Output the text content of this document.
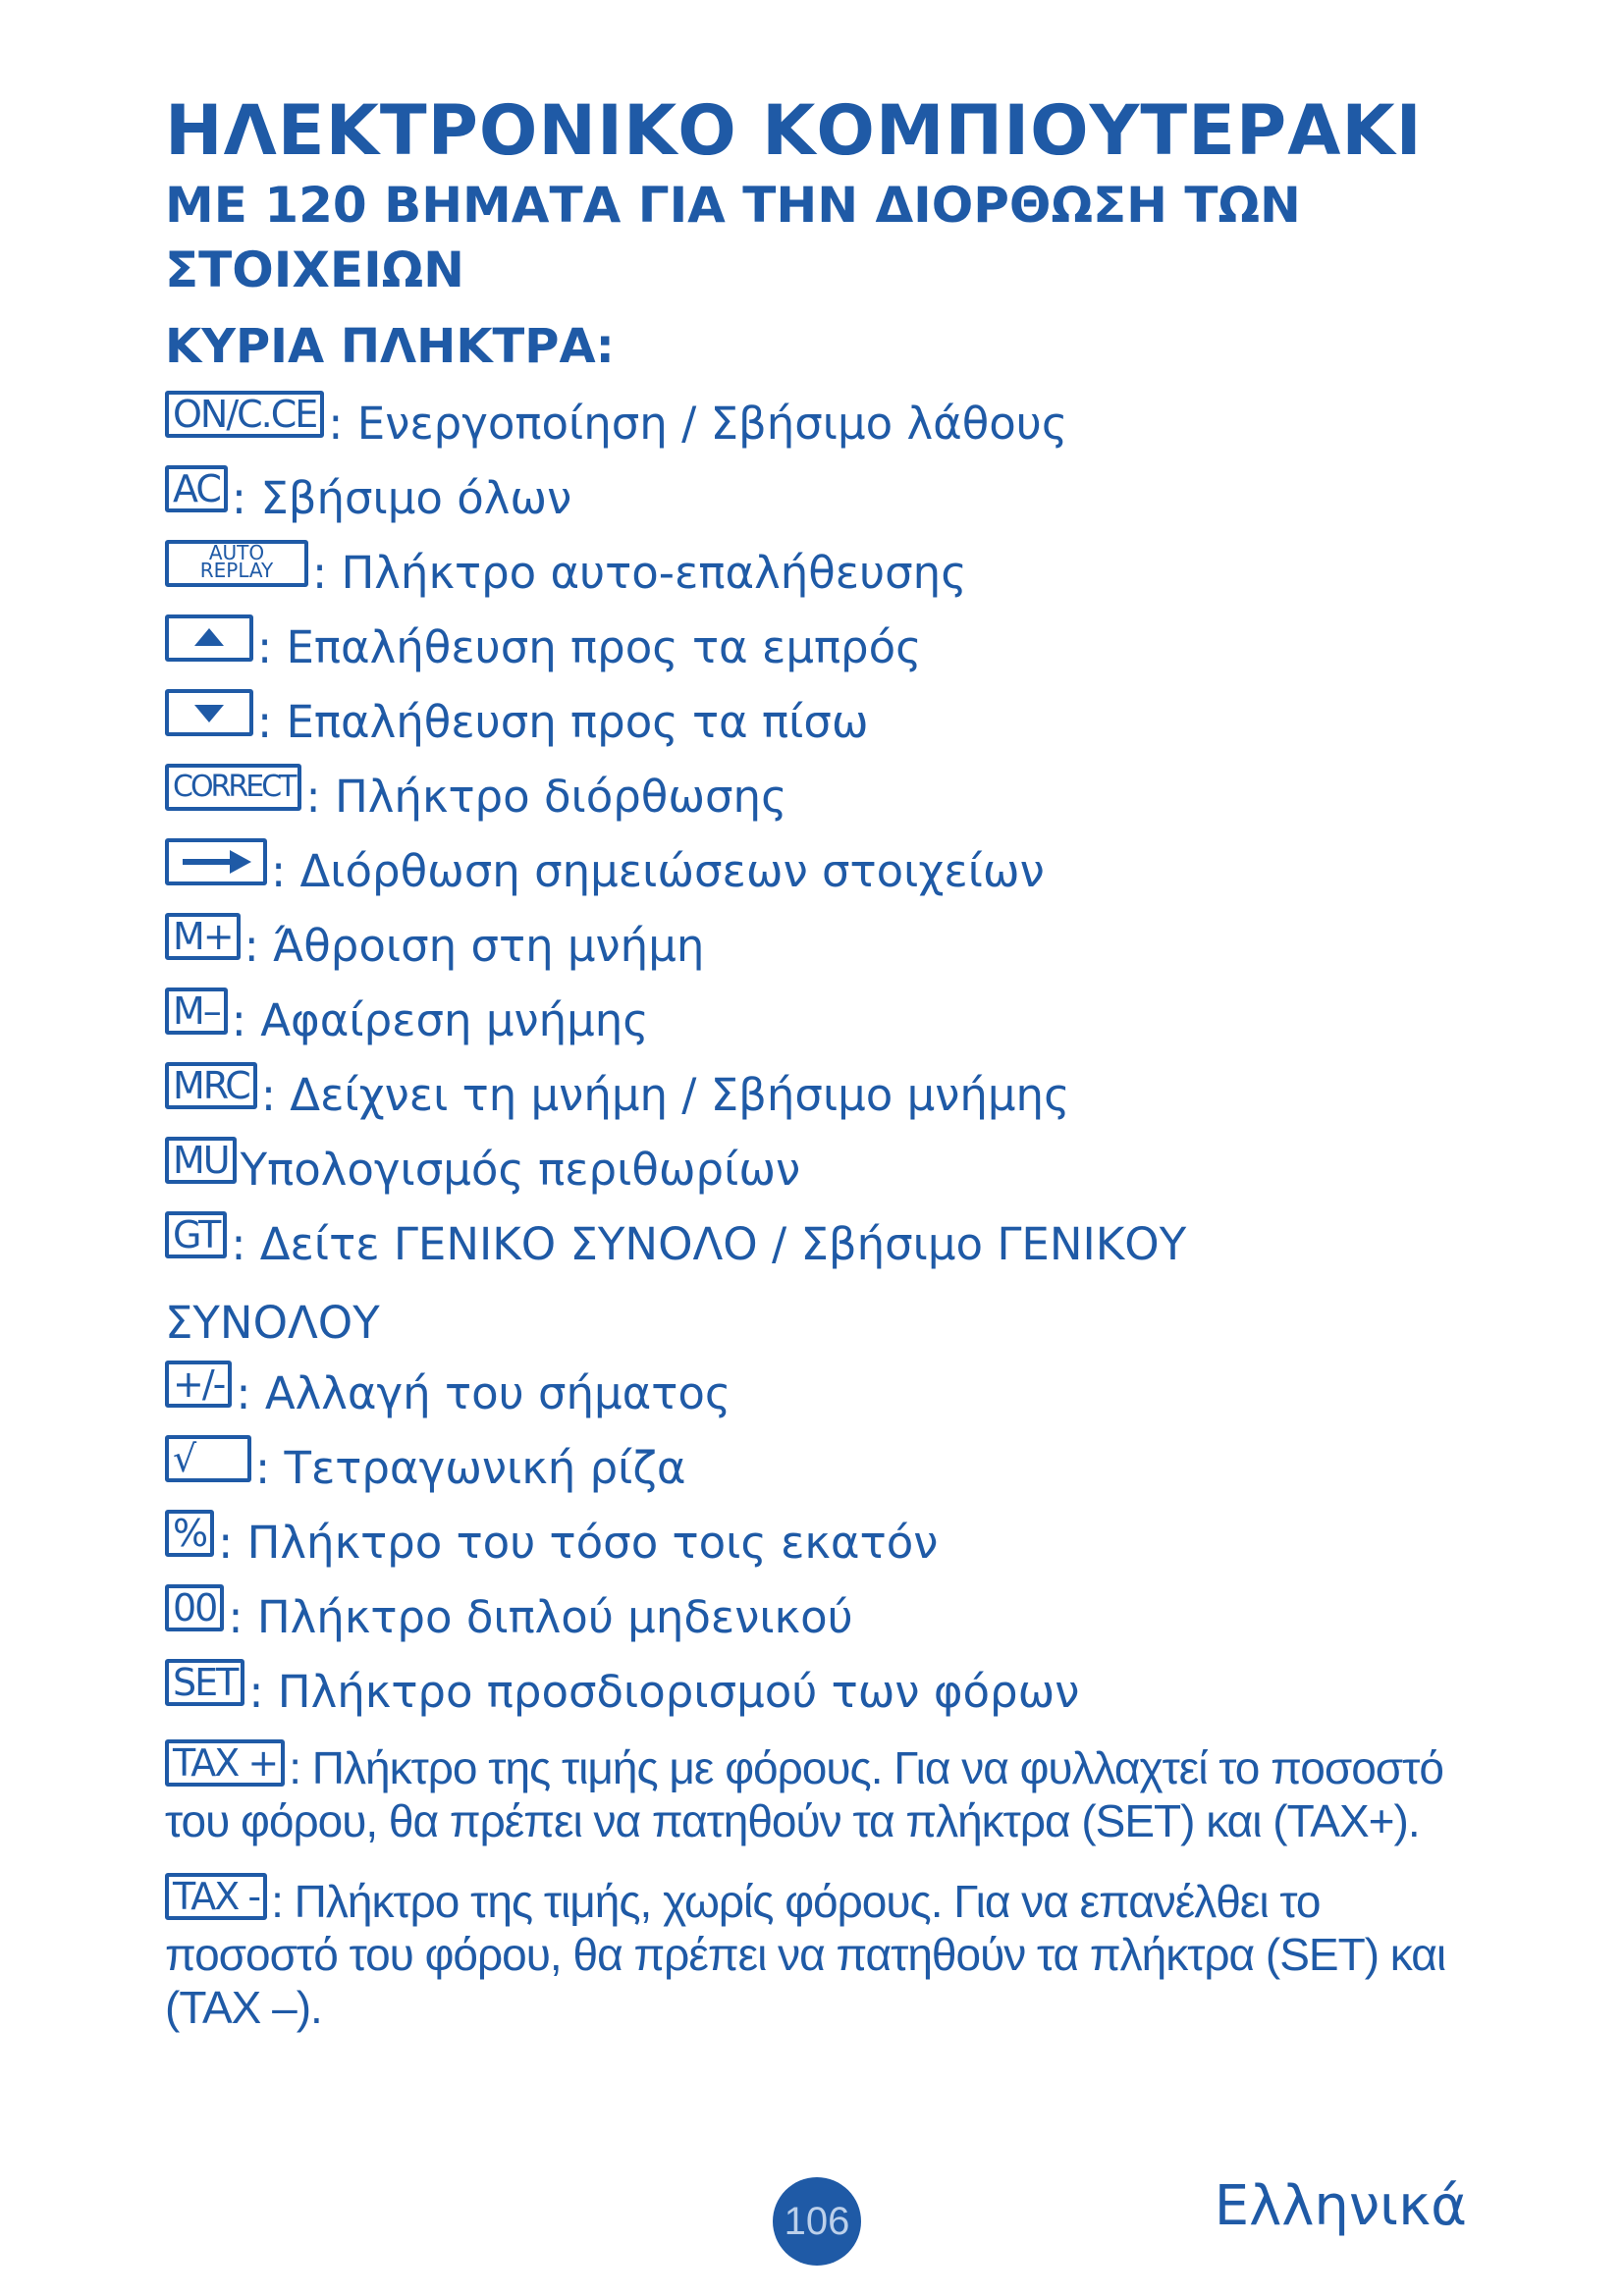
ΗΛΕΚΤΡΟΝΙΚΟ ΚΟΜΠΙΟΥΤΕΡΑΚΙ
ΜΕ 120 ΒΗΜΑΤΑ ΓΙΑ ΤΗΝ ΔΙΟΡΘΩΣΗ ΤΩΝ
ΣΤΟΙΧΕΙΩΝ
ΚΥΡΙΑ ΠΛΗΚΤΡΑ:
ON/C.CE : Ενεργοποίηση / Σβήσιμο λάθους
AC : Σβήσιμο όλων
AUTO REPLAY : Πλήκτρο αυτο-επαλήθευσης
: Επαλήθευση προς τα εμπρός
: Επαλήθευση προς τα πίσω
CORRECT : Πλήκτρο διόρθωσης
: Διόρθωση σημειώσεων στοιχείων
M+ : Άθροιση στη μνήμη
M– : Αφαίρεση μνήμης
MRC : Δείχνει τη μνήμη / Σβήσιμο μνήμης
MU Υπολογισμός περιθωρίων
GT : Δείτε ΓΕΝΙΚΟ ΣΥΝΟΛΟ / Σβήσιμο ΓΕΝΙΚΟΥ
ΣΥΝΟΛΟΥ
+/- : Αλλαγή του σήματος
√	: Τετραγωνική ρίζα
% : Πλήκτρο του τόσο τοις εκατόν
00 : Πλήκτρο διπλού μηδενικού
SET : Πλήκτρο προσδιορισμού των φόρων
TAX + : Πλήκτρο της τιμής με φόρους. Για να φυλλαχτεί το ποσοστό του φόρου, θα πρέπει να πατηθούν τα πλήκτρα (SET) και (TAX+).
TAX - : Πλήκτρο της τιμής, χωρίς φόρους. Για να επανέλθει το ποσοστό του φόρου, θα πρέπει να πατηθούν τα πλήκτρα (SET) και (TAX –).
106	Ελληνικά
